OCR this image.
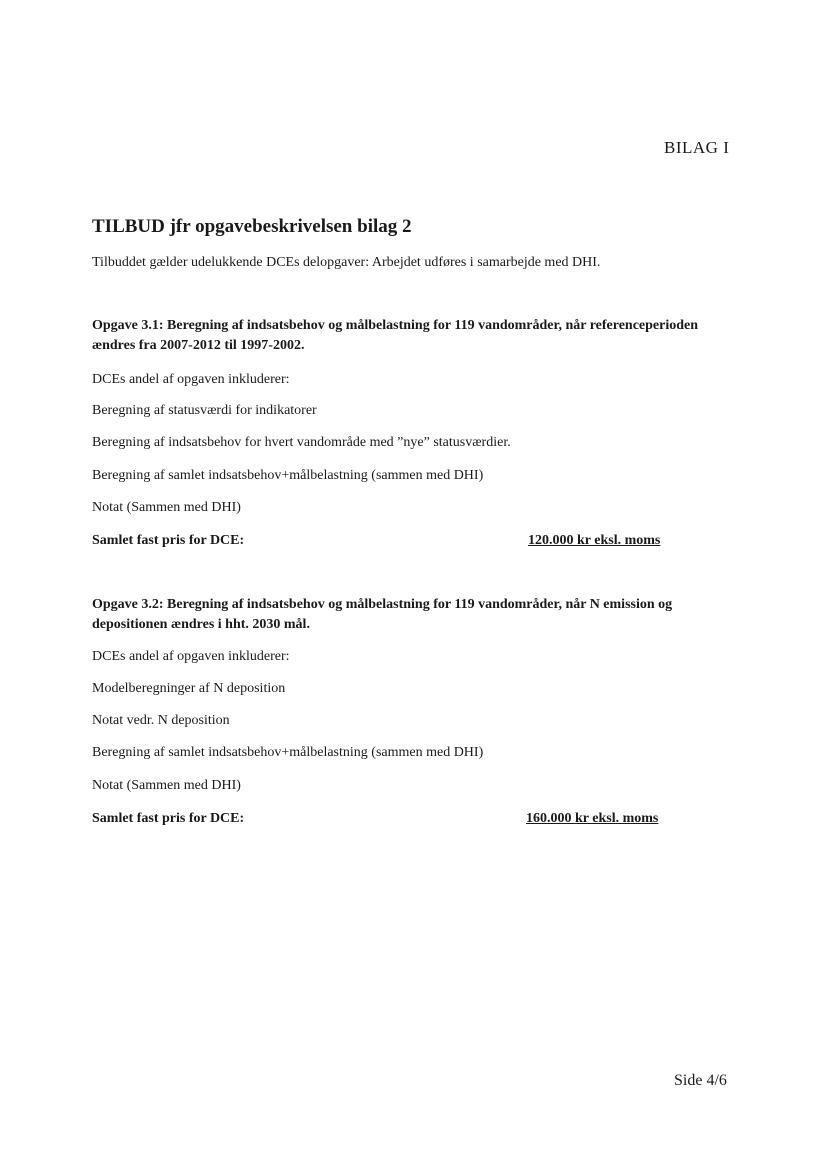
BILAG I
TILBUD jfr opgavebeskrivelsen bilag 2
Tilbuddet gælder udelukkende DCEs delopgaver: Arbejdet udføres i samarbejde med DHI.
Opgave 3.1: Beregning af indsatsbehov og målbelastning for 119 vandområder, når referenceperioden ændres fra 2007-2012 til 1997-2002.
DCEs andel af opgaven inkluderer:
Beregning af statusværdi for indikatorer
Beregning af indsatsbehov for hvert vandområde med ”nye” statusværdier.
Beregning af samlet indsatsbehov+målbelastning (sammen med DHI)
Notat (Sammen med DHI)
Samlet fast pris for DCE:	120.000 kr eksl. moms
Opgave 3.2: Beregning af indsatsbehov og målbelastning for 119 vandområder, når N emission og depositionen ændres i hht. 2030 mål.
DCEs andel af opgaven inkluderer:
Modelberegninger af N deposition
Notat vedr. N deposition
Beregning af samlet indsatsbehov+målbelastning (sammen med DHI)
Notat (Sammen med DHI)
Samlet fast pris for DCE:	160.000 kr eksl. moms
Side 4/6
